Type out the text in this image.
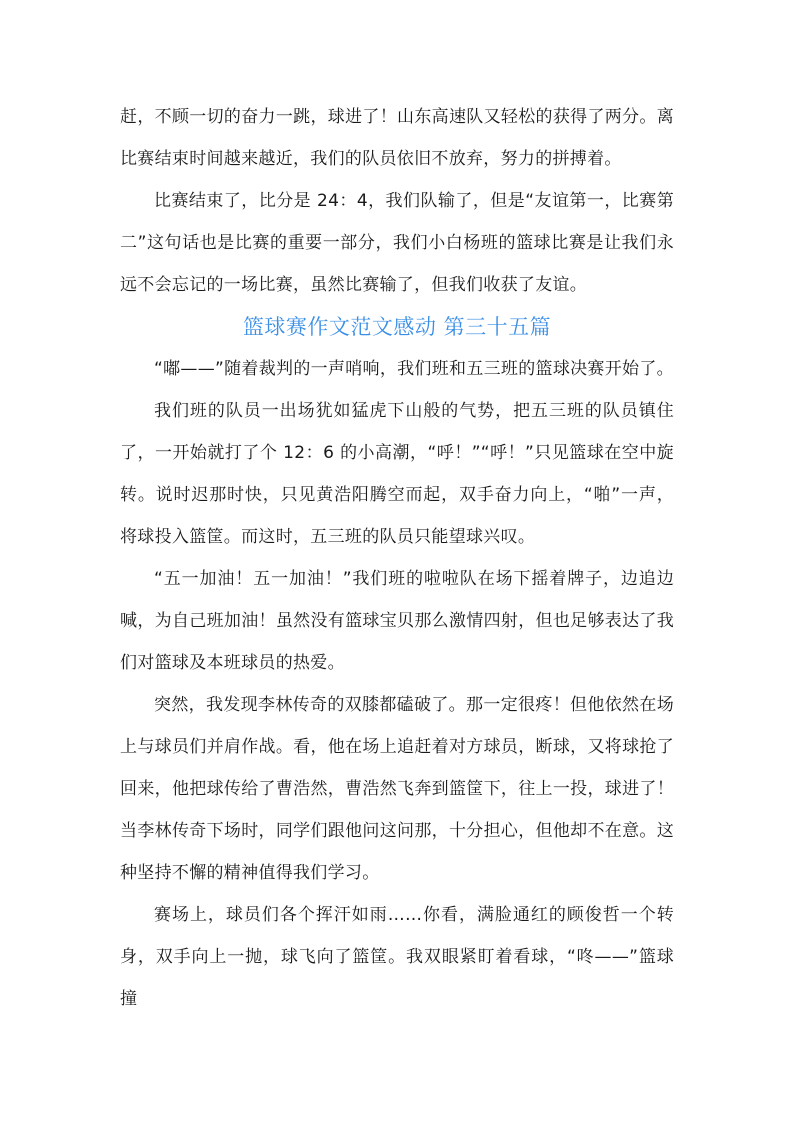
赶，不顾一切的奋力一跳，球进了！山东高速队又轻松的获得了两分。离比赛结束时间越来越近，我们的队员依旧不放弃，努力的拼搏着。

比赛结束了，比分是 24：4，我们队输了，但是“友谊第一，比赛第二”这句话也是比赛的重要一部分，我们小白杨班的篮球比赛是让我们永远不会忘记的一场比赛，虽然比赛输了，但我们收获了友谊。

篮球赛作文范文感动 第三十五篇

“嘟——”随着裁判的一声哨响，我们班和五三班的篮球决赛开始了。

我们班的队员一出场犹如猛虎下山般的气势，把五三班的队员镇住了，一开始就打了个 12：6 的小高潮，“呼！”“呼！”只见篮球在空中旋转。说时迟那时快，只见黄浩阳腾空而起，双手奋力向上，“啪”一声，将球投入篮筐。而这时，五三班的队员只能望球兴叹。

“五一加油！五一加油！”我们班的啦啦队在场下摇着牌子，边追边喊，为自己班加油！虽然没有篮球宝贝那么激情四射，但也足够表达了我们对篮球及本班球员的热爱。

突然，我发现李林传奇的双膝都磕破了。那一定很疼！但他依然在场上与球员们并肩作战。看，他在场上追赶着对方球员，断球，又将球抢了回来，他把球传给了曹浩然，曹浩然飞奔到篮筐下，往上一投，球进了！当李林传奇下场时，同学们跟他问这问那，十分担心，但他却不在意。这种坚持不懈的精神值得我们学习。

赛场上，球员们各个挥汗如雨……你看，满脸通红的顾俊哲一个转身，双手向上一抛，球飞向了篮筐。我双眼紧盯着看球，“咚——”篮球撞
